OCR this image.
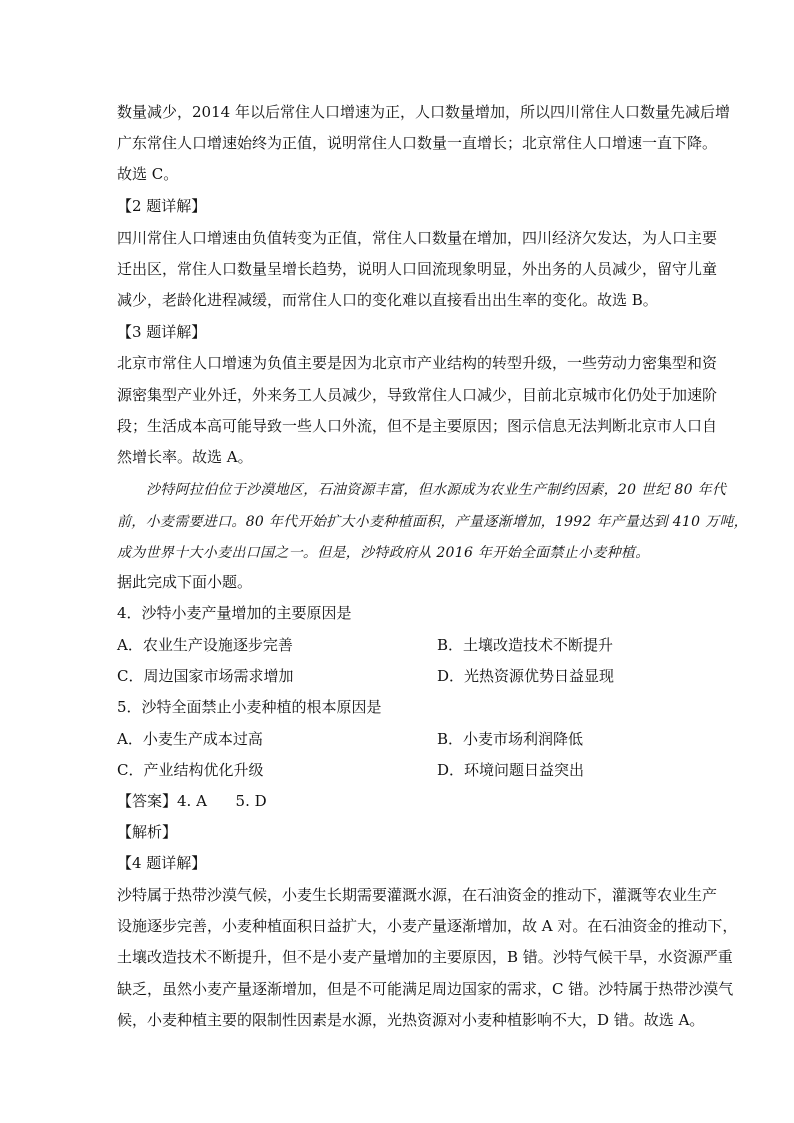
数量减少，2014 年以后常住人口增速为正，人口数量增加，所以四川常住人口数量先减后增
广东常住人口增速始终为正值，说明常住人口数量一直增长；北京常住人口增速一直下降。
故选 C。
【2 题详解】
四川常住人口增速由负值转变为正值，常住人口数量在增加，四川经济欠发达，为人口主要
迁出区，常住人口数量呈增长趋势，说明人口回流现象明显，外出务的人员减少，留守儿童
减少，老龄化进程减缓，而常住人口的变化难以直接看出出生率的变化。故选 B。
【3 题详解】
北京市常住人口增速为负值主要是因为北京市产业结构的转型升级，一些劳动力密集型和资
源密集型产业外迁，外来务工人员减少，导致常住人口减少，目前北京城市化仍处于加速阶
段；生活成本高可能导致一些人口外流，但不是主要原因；图示信息无法判断北京市人口自
然增长率。故选 A。
沙特阿拉伯位于沙漠地区，石油资源丰富，但水源成为农业生产制约因素，20 世纪 80 年代
前，小麦需要进口。80 年代开始扩大小麦种植面积，产量逐渐增加，1992 年产量达到 410 万吨，
成为世界十大小麦出口国之一。但是，沙特政府从 2016 年开始全面禁止小麦种植。
据此完成下面小题。
4．沙特小麦产量增加的主要原因是
A．农业生产设施逐步完善	B．土壤改造技术不断提升
C．周边国家市场需求增加	D．光热资源优势日益显现
5．沙特全面禁止小麦种植的根本原因是
A．小麦生产成本过高	B．小麦市场利润降低
C．产业结构优化升级	D．环境问题日益突出
【答案】4. A      5. D
【解析】
【4 题详解】
沙特属于热带沙漠气候，小麦生长期需要灌溉水源，在石油资金的推动下，灌溉等农业生产
设施逐步完善，小麦种植面积日益扩大，小麦产量逐渐增加，故 A 对。在石油资金的推动下，
土壤改造技术不断提升，但不是小麦产量增加的主要原因，B 错。沙特气候干旱，水资源严重
缺乏，虽然小麦产量逐渐增加，但是不可能满足周边国家的需求，C 错。沙特属于热带沙漠气
候，小麦种植主要的限制性因素是水源，光热资源对小麦种植影响不大，D 错。故选 A。
